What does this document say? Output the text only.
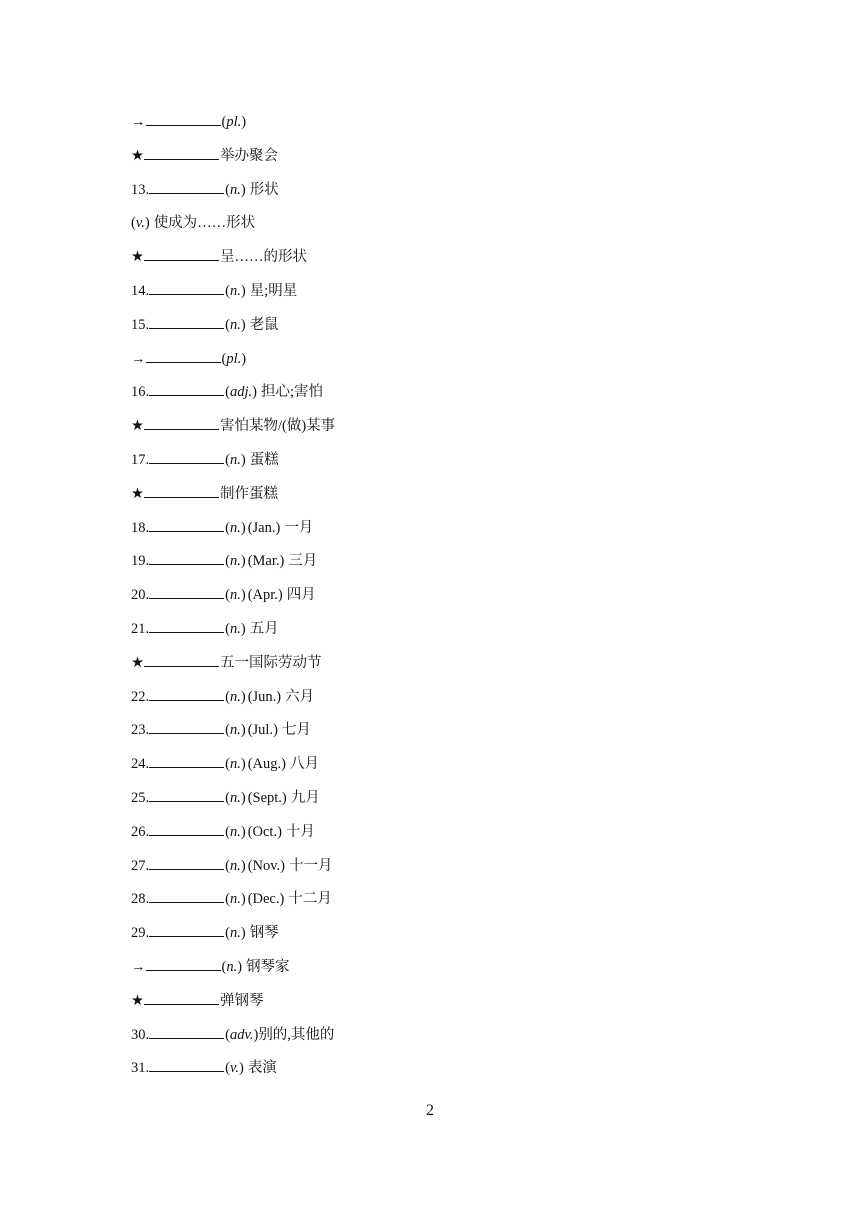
→	(pl.)
★	举办聚会
13.	(n.) 形状
(v.) 使成为……形状
★	呈……的形状
14.	(n.) 星;明星
15.	(n.) 老鼠
→	(pl.)
16.	(adj.) 担心;害怕
★	害怕某物/(做)某事
17.	(n.) 蛋糕
★	制作蛋糕
18.	(n.) (Jan.) 一月
19.	(n.) (Mar.) 三月
20.	(n.) (Apr.) 四月
21.	(n.) 五月
★	五一国际劳动节
22.	(n.) (Jun.) 六月
23.	(n.) (Jul.) 七月
24.	(n.) (Aug.) 八月
25.	(n.) (Sept.) 九月
26.	(n.) (Oct.) 十月
27.	(n.) (Nov.) 十一月
28.	(n.) (Dec.) 十二月
29.	(n.) 钢琴
→	(n.) 钢琴家
★	弹钢琴
30.	(adv.)别的,其他的
31.	(v.) 表演
2
